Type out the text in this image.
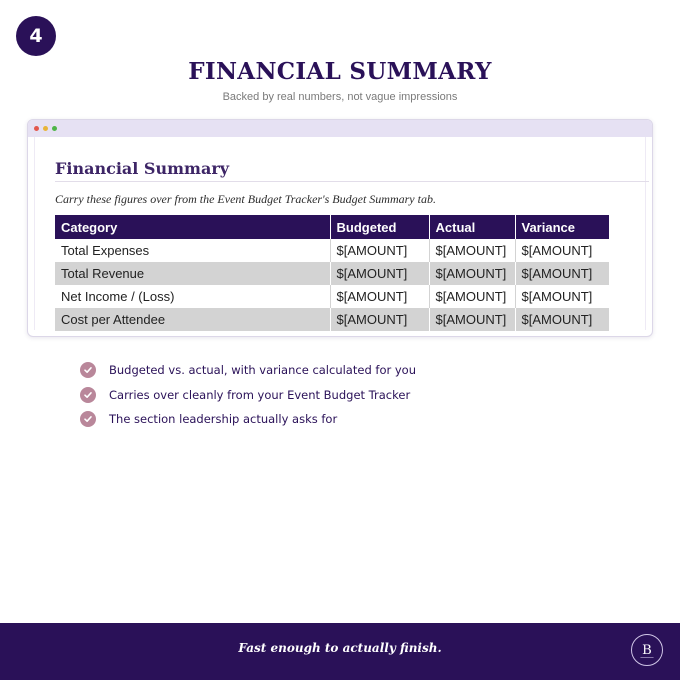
4
FINANCIAL SUMMARY
Backed by real numbers, not vague impressions
Financial Summary

Carry these figures over from the Event Budget Tracker's Budget Summary tab.

Category	Budgeted	Actual	Variance
Total Expenses	$[AMOUNT]	$[AMOUNT]	$[AMOUNT]
Total Revenue	$[AMOUNT]	$[AMOUNT]	$[AMOUNT]
Net Income / (Loss)	$[AMOUNT]	$[AMOUNT]	$[AMOUNT]
Cost per Attendee	$[AMOUNT]	$[AMOUNT]	$[AMOUNT]
Budgeted vs. actual, with variance calculated for you
Carries over cleanly from your Event Budget Tracker
The section leadership actually asks for
Fast enough to actually finish.	B
